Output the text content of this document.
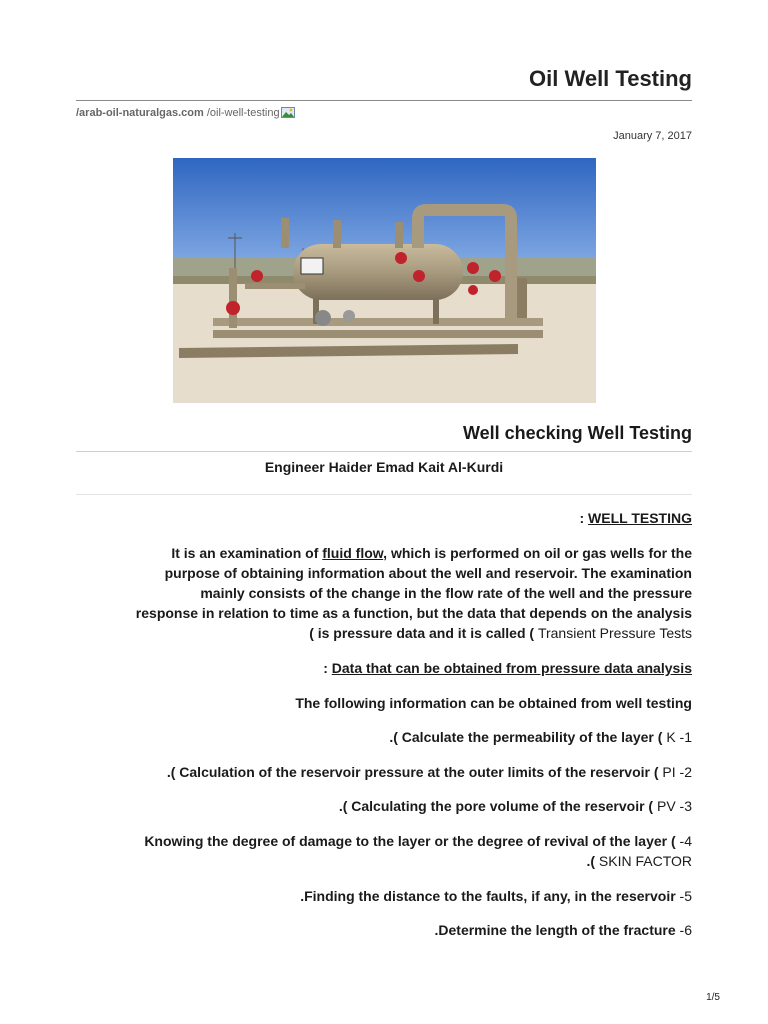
Oil Well Testing
/arab-oil-naturalgas.com /oil-well-testing
January 7, 2017
Well checking Well Testing
Engineer Haider Emad Kait Al-Kurdi
: WELL TESTING
It is an examination of fluid flow, which is performed on oil or gas wells for the
purpose of obtaining information about the well and reservoir. The examination
mainly consists of the change in the flow rate of the well and the pressure
response in relation to time as a function, but the data that depends on the analysis
( is pressure data and it is called ( Transient Pressure Tests
: Data that can be obtained from pressure data analysis
The following information can be obtained from well testing
.( Calculate the permeability of the layer ( K -1
.( Calculation of the reservoir pressure at the outer limits of the reservoir ( PI -2
.( Calculating the pore volume of the reservoir ( PV -3
Knowing the degree of damage to the layer or the degree of revival of the layer ( -4
.( SKIN FACTOR
.Finding the distance to the faults, if any, in the reservoir -5
.Determine the length of the fracture -6
1/5
